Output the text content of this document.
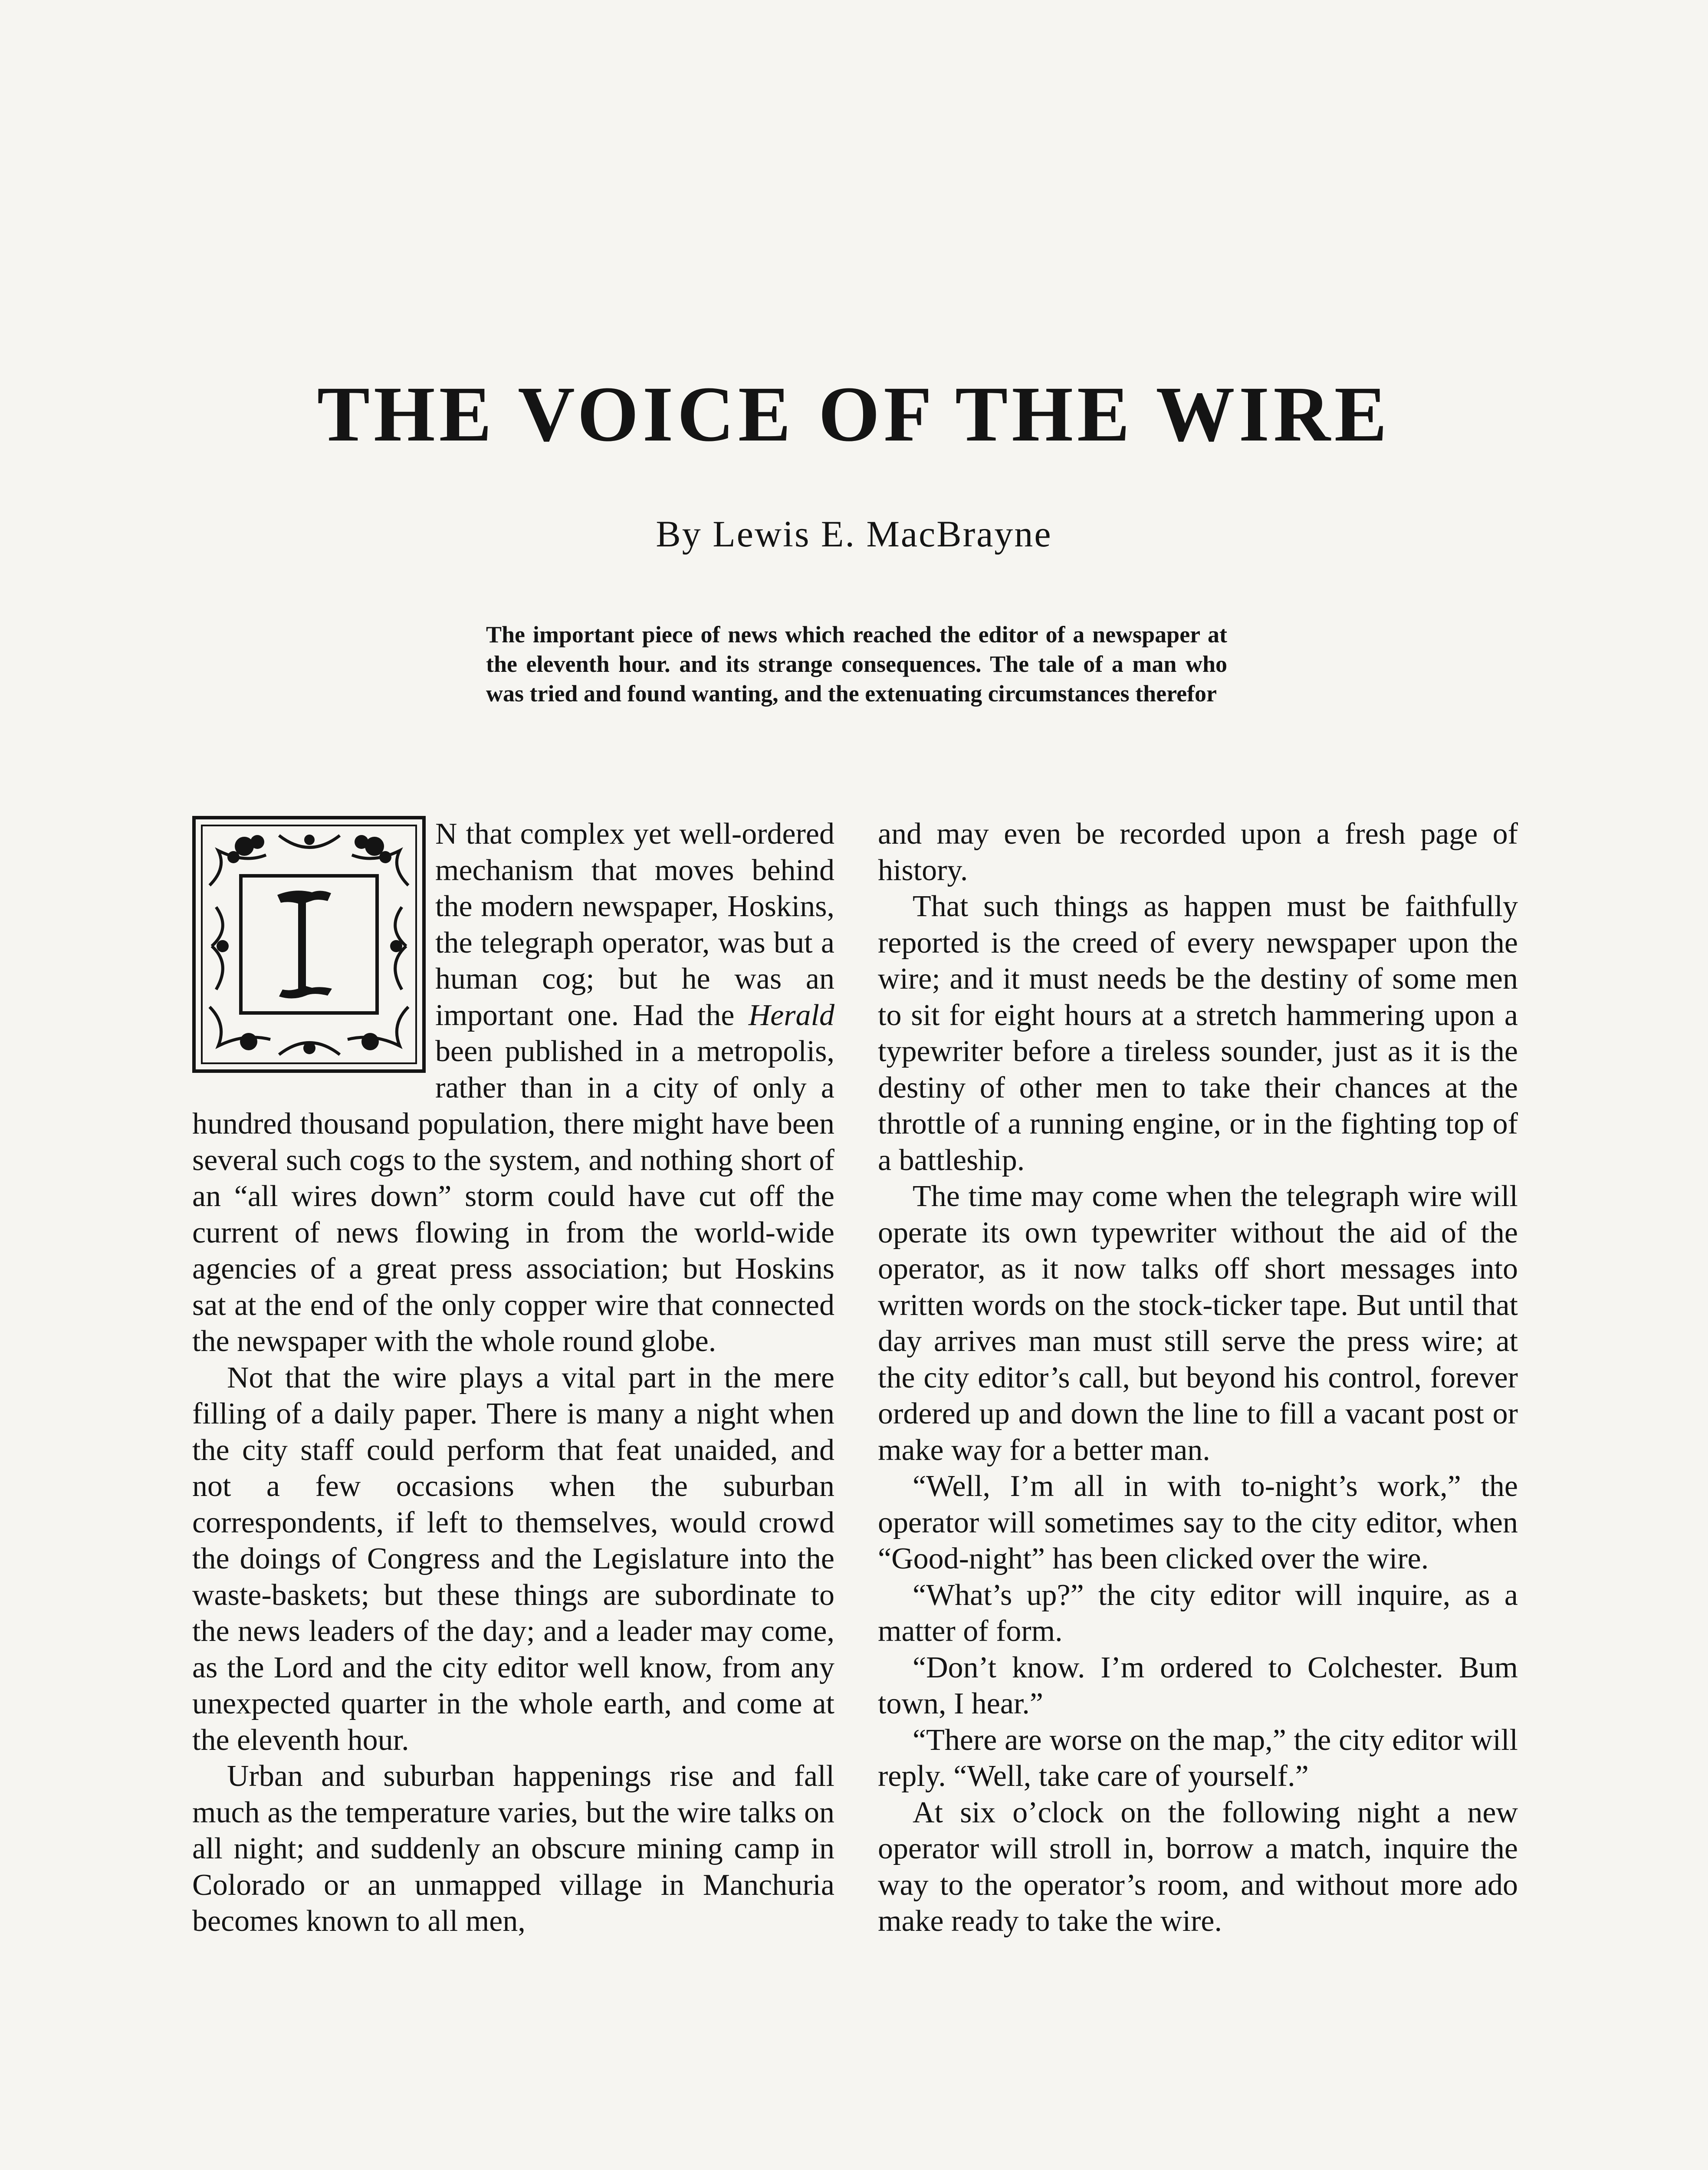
THE VOICE OF THE WIRE

By Lewis E. MacBrayne

The important piece of news which reached the editor of a newspaper at the eleventh hour. and its strange consequences. The tale of a man who was tried and found wanting, and the extenuating circumstances therefor

N that complex yet well-ordered mechanism that moves behind the modern newspaper, Hoskins, the telegraph operator, was but a human cog; but he was an important one. Had the Herald been published in a metropolis, rather than in a city of only a hundred thousand population, there might have been several such cogs to the system, and nothing short of an “all wires down” storm could have cut off the current of news flowing in from the world-wide agencies of a great press association; but Hoskins sat at the end of the only copper wire that connected the newspaper with the whole round globe.

Not that the wire plays a vital part in the mere filling of a daily paper. There is many a night when the city staff could perform that feat unaided, and not a few occasions when the suburban correspondents, if left to themselves, would crowd the doings of Congress and the Legislature into the waste-baskets; but these things are subordinate to the news leaders of the day; and a leader may come, as the Lord and the city editor well know, from any unexpected quarter in the whole earth, and come at the eleventh hour.

Urban and suburban happenings rise and fall much as the temperature varies, but the wire talks on all night; and suddenly an obscure mining camp in Colorado or an unmapped village in Manchuria becomes known to all men,

and may even be recorded upon a fresh page of history.

That such things as happen must be faithfully reported is the creed of every newspaper upon the wire; and it must needs be the destiny of some men to sit for eight hours at a stretch hammering upon a typewriter before a tireless sounder, just as it is the destiny of other men to take their chances at the throttle of a running engine, or in the fighting top of a battleship.

The time may come when the telegraph wire will operate its own typewriter without the aid of the operator, as it now talks off short messages into written words on the stock-ticker tape. But until that day arrives man must still serve the press wire; at the city editor’s call, but beyond his control, forever ordered up and down the line to fill a vacant post or make way for a better man.

“Well, I’m all in with to-night’s work,” the operator will sometimes say to the city editor, when “Good-night” has been clicked over the wire.

“What’s up?” the city editor will inquire, as a matter of form.

“Don’t know. I’m ordered to Colchester. Bum town, I hear.”

“There are worse on the map,” the city editor will reply. “Well, take care of yourself.”

At six o’clock on the following night a new operator will stroll in, borrow a match, inquire the way to the operator’s room, and without more ado make ready to take the wire.
